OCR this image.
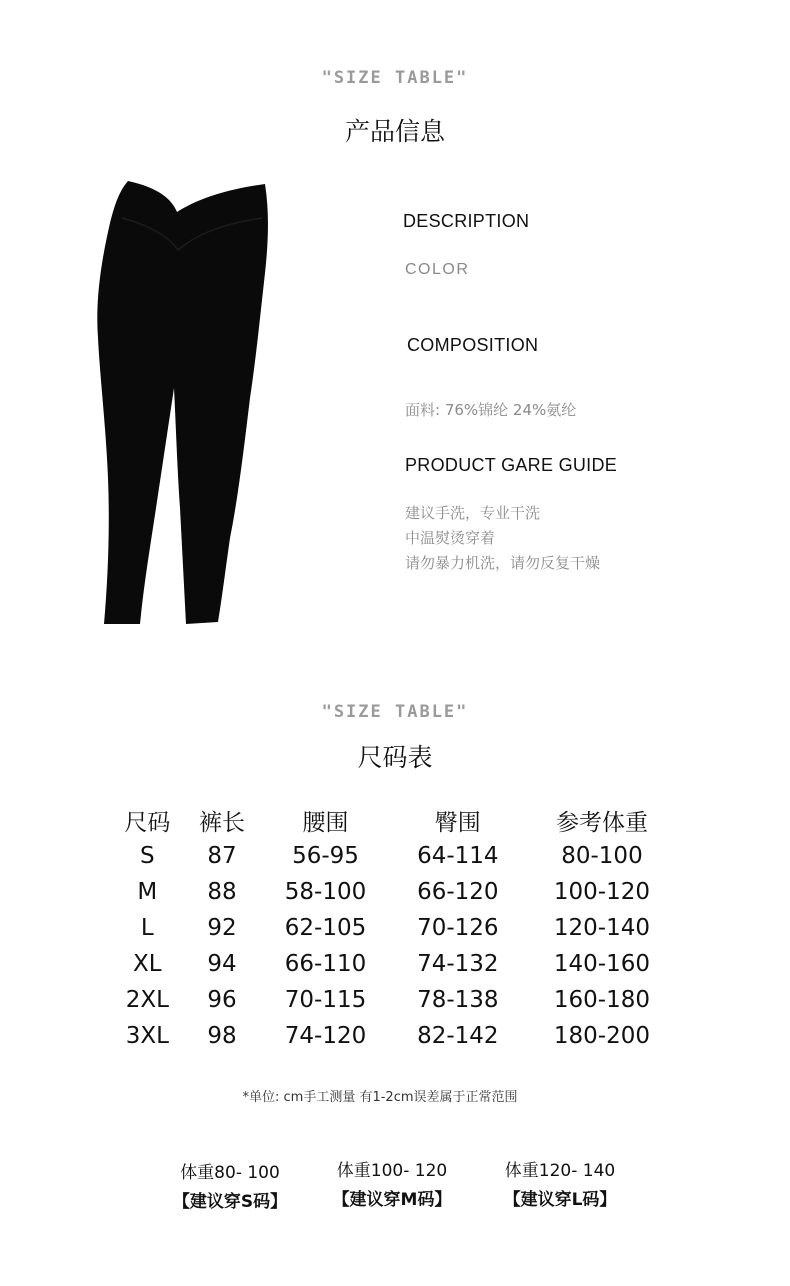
"SIZE TABLE"
产品信息
DESCRIPTION
COLOR
COMPOSITION
面料: 76%锦纶 24%氨纶
PRODUCT GARE GUIDE

建议手洗，专业干洗

中温熨烫穿着

请勿暴力机洗，请勿反复干燥

"SIZE TABLE"
尺码表
尺码	裤长	腰围	臀围	参考体重
S	87	56-95	64-114	80-100
M	88	58-100	66-120	100-120
L	92	62-105	70-126	120-140
XL	94	66-110	74-132	140-160
2XL	96	70-115	78-138	160-180
3XL	98	74-120	82-142	180-200
*单位: cm手工测量 有1-2cm误差属于正常范围
体重80- 100
【建议穿S码】
体重100- 120
【建议穿M码】
体重120- 140
【建议穿L码】
